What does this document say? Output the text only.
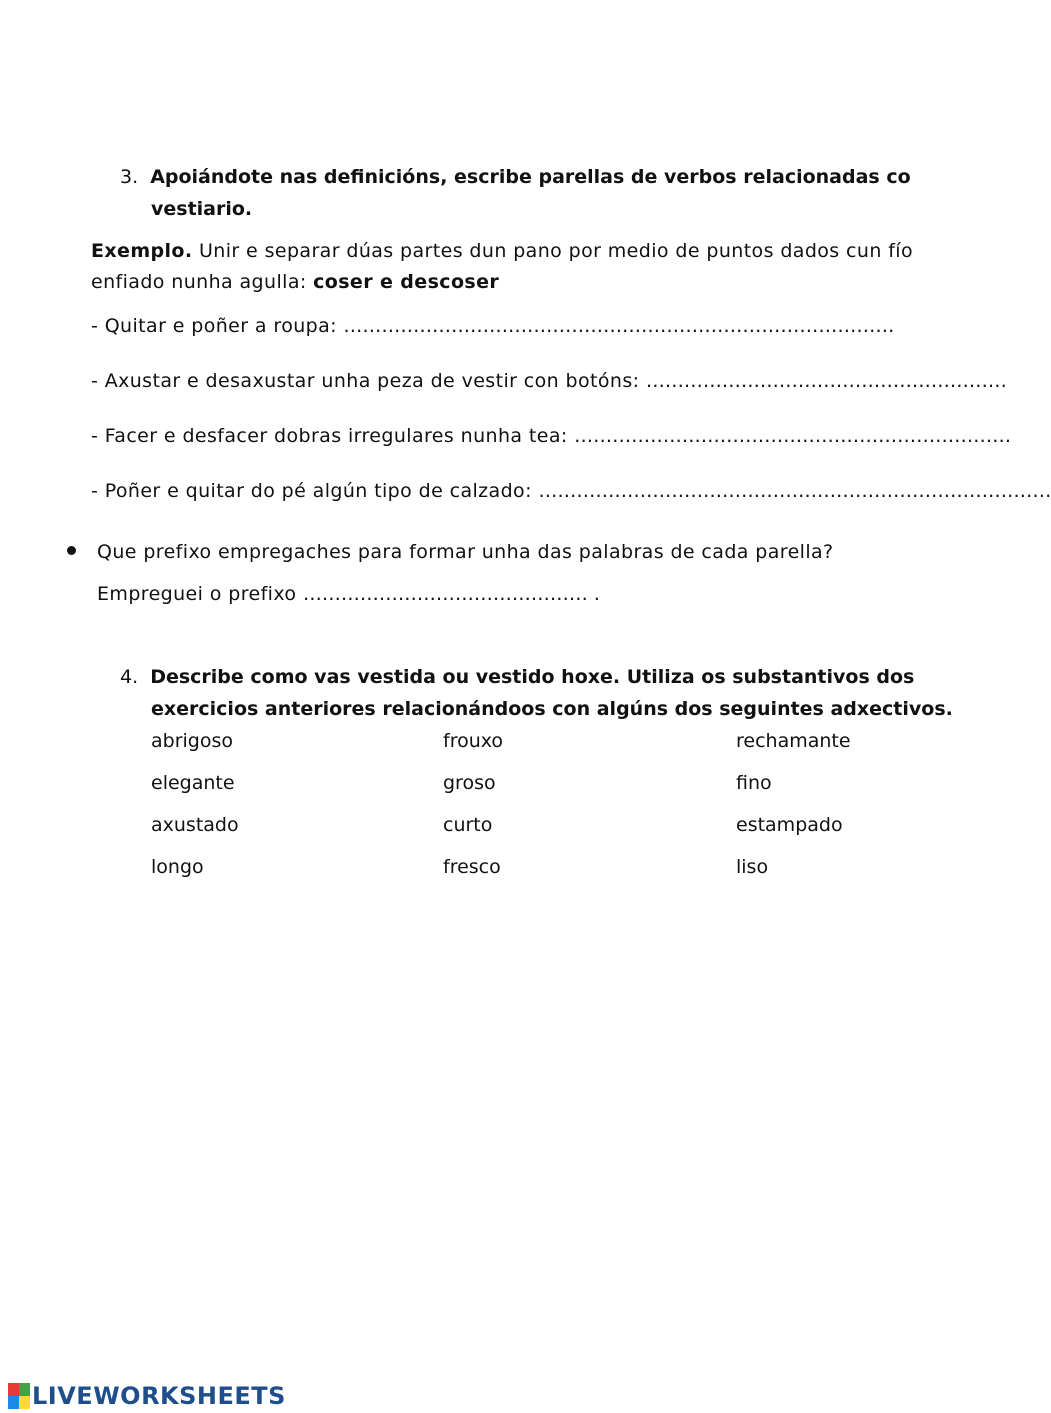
3. Apoiándote nas definicións, escribe parellas de verbos relacionadas co
vestiario.
Exemplo. Unir e separar dúas partes dun pano por medio de puntos dados cun fío
enfiado nunha agulla: coser e descoser
- Quitar e poñer a roupa: ……………………………………………………………………………
- Axustar e desaxustar unha peza de vestir con botóns: …………………………………………………
- Facer e desfacer dobras irregulares nunha tea: ……………………………………………………………
- Poñer e quitar do pé algún tipo de calzado: ………………………………………………………………………
Que prefixo empregaches para formar unha das palabras de cada parella?
Empreguei o prefixo ……………………………………… .
4. Describe como vas vestida ou vestido hoxe. Utiliza os substantivos dos
exercicios anteriores relacionándoos con algúns dos seguintes adxectivos.
abrigoso	frouxo	rechamante
elegante	groso	fino
axustado	curto	estampado
longo	fresco	liso
LIVEWORKSHEETS
